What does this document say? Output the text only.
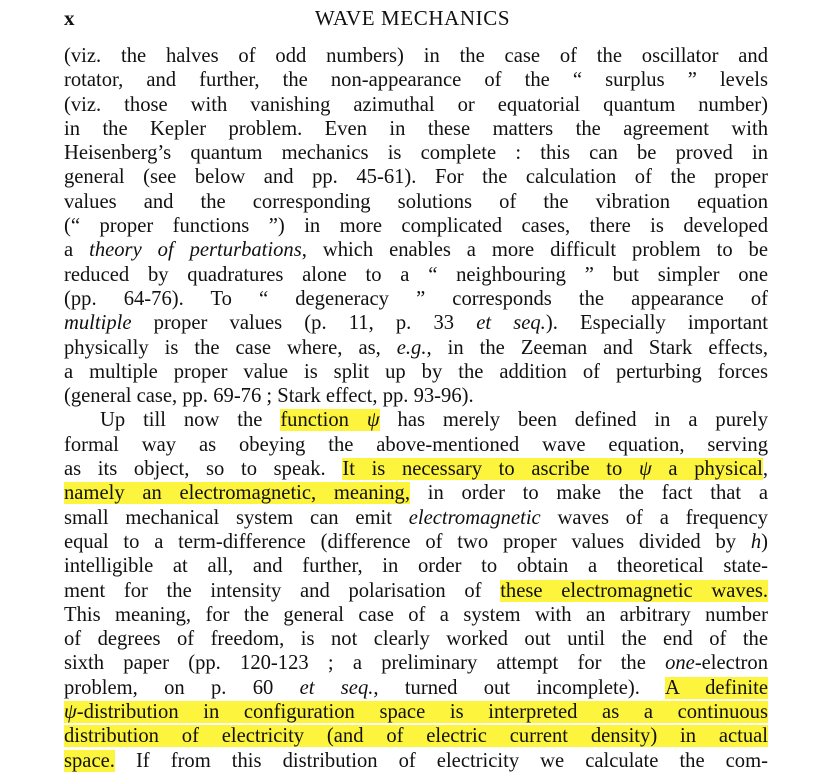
x	WAVE MECHANICS
(viz. the halves of odd numbers) in the case of the oscillator and
rotator, and further, the non-appearance of the “ surplus ” levels
(viz. those with vanishing azimuthal or equatorial quantum number)
in the Kepler problem. Even in these matters the agreement with
Heisenberg’s quantum mechanics is complete : this can be proved in
general (see below and pp. 45-61). For the calculation of the proper
values and the corresponding solutions of the vibration equation
(“ proper functions ”) in more complicated cases, there is developed
a theory of perturbations, which enables a more difficult problem to be
reduced by quadratures alone to a “ neighbouring ” but simpler one
(pp. 64-76). To “ degeneracy ” corresponds the appearance of
multiple proper values (p. 11, p. 33 et seq.). Especially important
physically is the case where, as, e.g., in the Zeeman and Stark effects,
a multiple proper value is split up by the addition of perturbing forces
(general case, pp. 69-76 ; Stark effect, pp. 93-96).
Up till now the function ψ has merely been defined in a purely
formal way as obeying the above-mentioned wave equation, serving
as its object, so to speak. It is necessary to ascribe to ψ a physical,
namely an electromagnetic, meaning, in order to make the fact that a
small mechanical system can emit electromagnetic waves of a frequency
equal to a term-difference (difference of two proper values divided by h)
intelligible at all, and further, in order to obtain a theoretical state-
ment for the intensity and polarisation of these electromagnetic waves.
This meaning, for the general case of a system with an arbitrary number
of degrees of freedom, is not clearly worked out until the end of the
sixth paper (pp. 120-123 ; a preliminary attempt for the one-electron
problem, on p. 60 et seq., turned out incomplete). A definite
ψ-distribution in configuration space is interpreted as a continuous
distribution of electricity (and of electric current density) in actual
space. If from this distribution of electricity we calculate the com-
